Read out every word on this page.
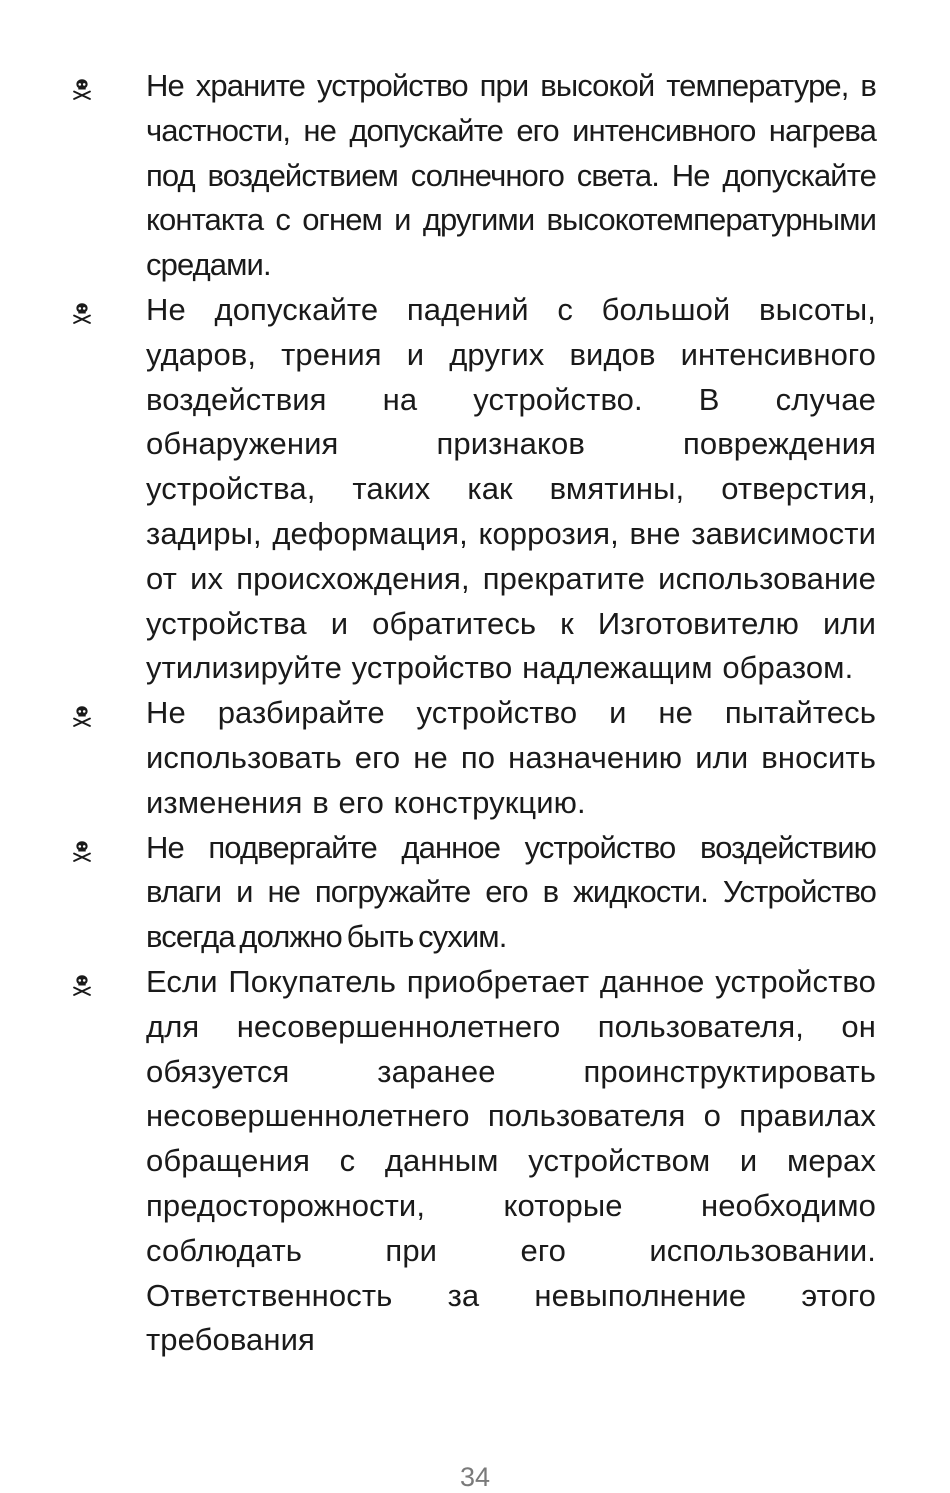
Не храните устройство при высокой температуре, в частности, не допускайте его интенсивного нагрева под воздействием солнечного света. Не допускайте контакта с огнем и другими высокотемпературными средами.
Не допускайте падений с большой высоты, ударов, трения и других видов интенсивного воздействия на устройство. В случае обнаружения признаков повреждения устройства, таких как вмятины, отверстия, задиры, деформация, коррозия, вне зависимости от их происхождения, прекратите использование устройства и обратитесь к Изготовителю или утилизируйте устройство надлежащим образом.
Не разбирайте устройство и не пытайтесь использовать его не по назначению или вносить изменения в его конструкцию.
Не подвергайте данное устройство воздействию влаги и не погружайте его в жидкости. Устройство всегда должно быть сухим.
Если Покупатель приобретает данное устройство для несовершеннолетнего пользователя, он обязуется заранее проинструктировать несовершеннолетнего пользователя о правилах обращения с данным устройством и мерах предосторожности, которые необходимо соблюдать при его использовании. Ответственность за невыполнение этого требования
34
